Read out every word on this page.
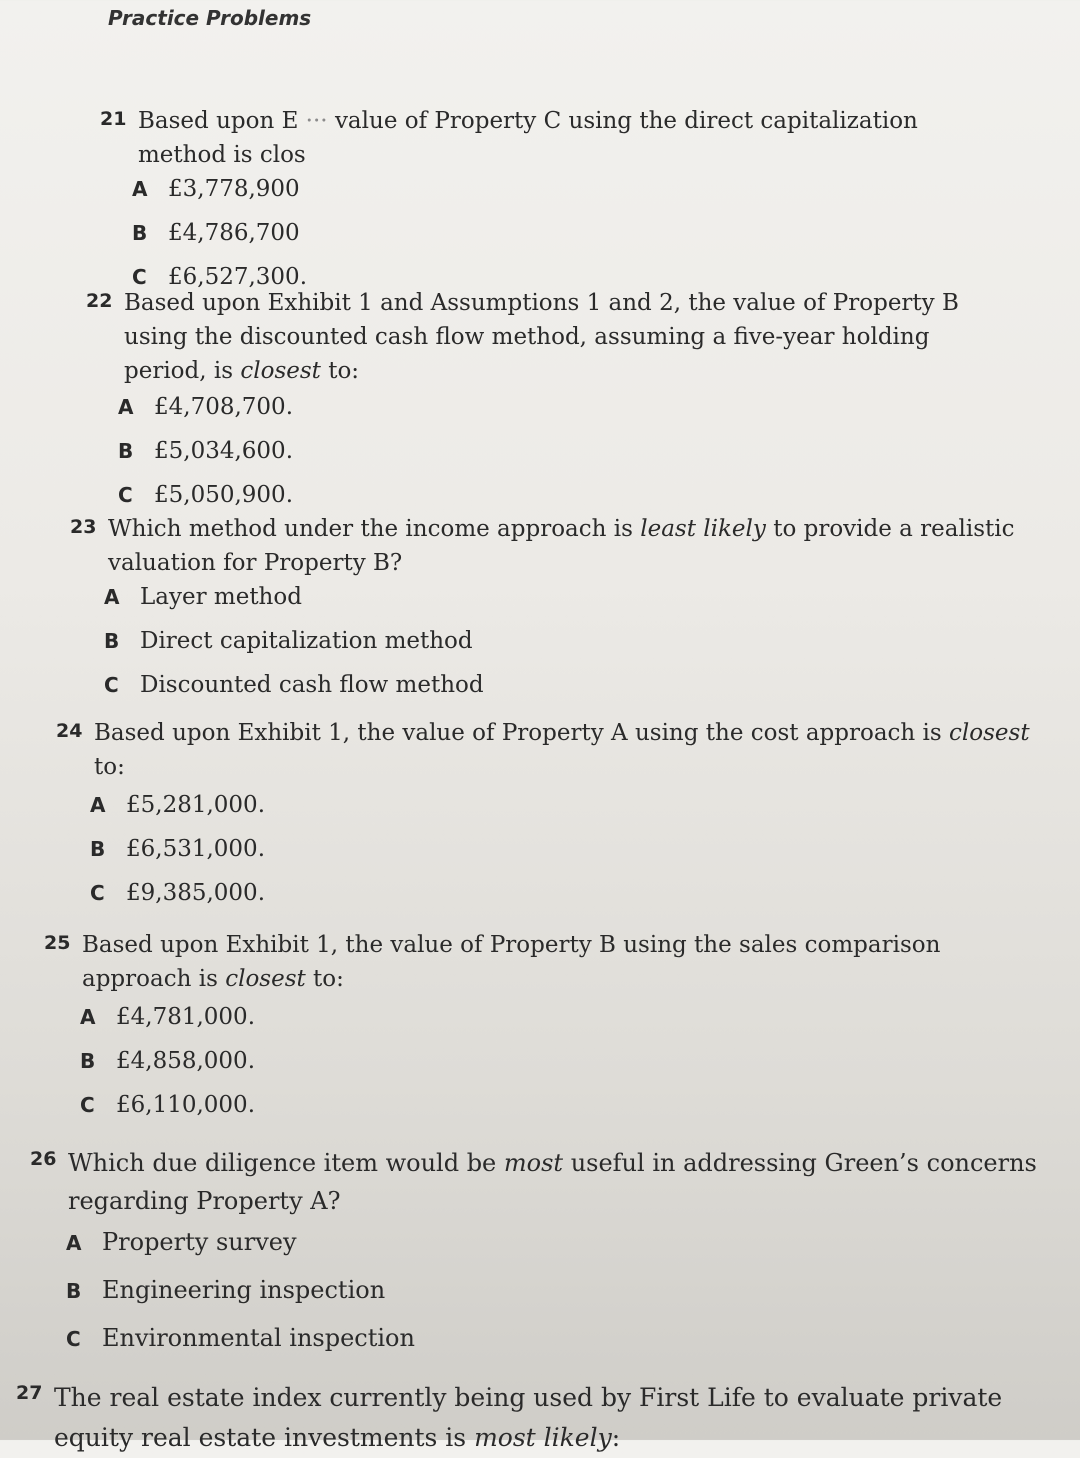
Practice Problems
21 Based upon E ··· value of Property C using the direct capitalization
method is clos
A £3,778,900
B £4,786,700
C £6,527,300.
22 Based upon Exhibit 1 and Assumptions 1 and 2, the value of Property B using the discounted cash flow method, assuming a five-year holding period, is closest to:
A £4,708,700.
B £5,034,600.
C £5,050,900.
23 Which method under the income approach is least likely to provide a realistic valuation for Property B?
A Layer method
B Direct capitalization method
C Discounted cash flow method
24 Based upon Exhibit 1, the value of Property A using the cost approach is closest to:
A £5,281,000.
B £6,531,000.
C £9,385,000.
25 Based upon Exhibit 1, the value of Property B using the sales comparison approach is closest to:
A £4,781,000.
B £4,858,000.
C £6,110,000.
26 Which due diligence item would be most useful in addressing Green’s concerns regarding Property A?
A Property survey
B Engineering inspection
C Environmental inspection
27 The real estate index currently being used by First Life to evaluate private equity real estate investments is most likely:
